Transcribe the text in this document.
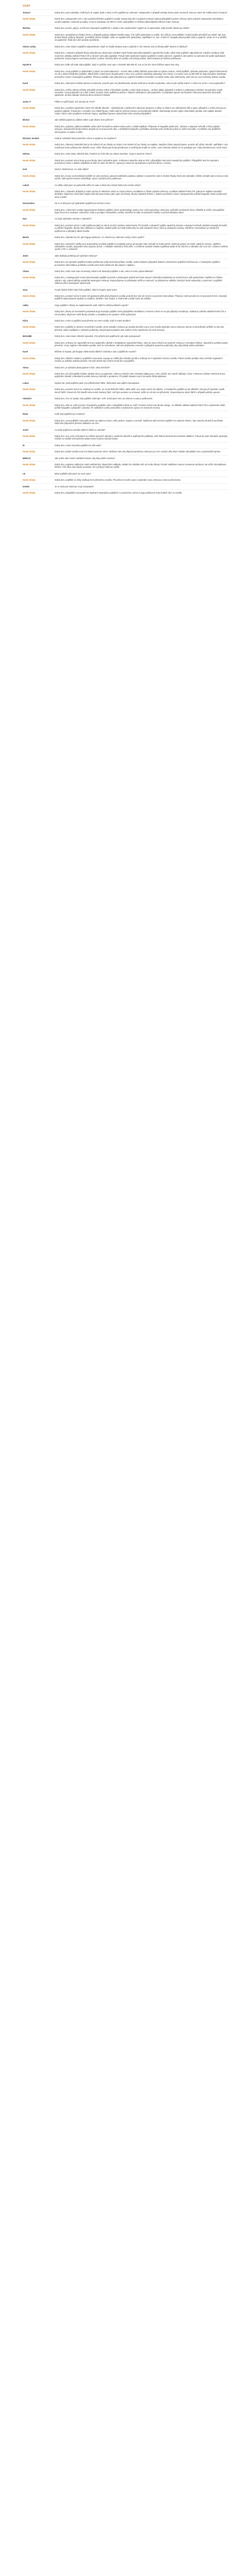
CHAT
Tomas7	Dobrý den, paní ordinátko, chtěl bych se zeptat, jestli v rámci AUTO pojištění je zahrnuté i zastupování v případě nehody, kterou jsem nezavinil, nebo je nutné mít zvlášť právní ochranu?

Hosté ofsáta	Dobrý den, zastupování není u nás součástí běžného pojištění vozidla. Doporučuji vám k pojistné smlouvě sjednat připojištění právní ochrany, které pokrývá zastupování advokátem, soudní poplatky i znalecké posudky. Cena se pohybuje od 290 Kč ročně a připojištění si můžete přidat kdykoliv během trvání smlouvy.

Martina	Dobrý den, prosím, jaký je rozdíl mezi havarijním pojištěním s výluku a bez spoluúčasti? Vyplatí se mi spoluúčast, když jezdím hlavně po městě?

Hosté ofsáta	Dobrý den, spoluúčast je částka, kterou v případě pojistné události hradíte sama. Čím vyšší spoluúčast si zvolíte, tím nižší je cena pojištění. Pokud jezdíte převážně po městě, kde jsou drobné škody (odřený nárazník, promáčklé dveře) častější, může se vyplatit nižší spoluúčast, například 5 %, min. 5 000 Kč. Naopak pokud jezdíte málo a opatrně, zvolte 10 % a ušetříte na pojistném. Rádi vám obě varianty spočítáme.

Simon Lásky	Dobrý den, mám dotaz k pojištění odpovědnosti. Když mi zloděj ukradne auto a způsobí s ním nehodu, kdo za škodu platí? Musím to hlásit já?

Hosté ofsáta	Dobrý den, v takovém případě škodu způsobenou odcizeným vozidlem hradí Česká kancelář pojistitelů z garančního fondu, nikoli vaše pojištění odpovědnosti. Krádež vozidla je však nutné bez odkladu nahlásit Policii ČR a zároveň nám jako pojistiteli. Pokud máte sjednané havarijní pojištění s krytím odcizení, vyplatíme vám plnění za samotný vůz podle sjednaných podmínek. Doporučujeme uschovat protokol z policie, všechny klíče od vozidla a technický průkaz, které budeme při šetření potřebovat.

Hynek R.	Dobrý den, kolik mě bude stát pojištění, když si pořídím nové auto v hodnotě 650 000 Kč a je mi 24 let? Jsem řidičem teprve dva roky.

Hosté ofsáta	Dobrý den, cena pojištění je individuální a závisí na mnoha faktorech – kromě věku a délky řidičské praxe také na výkonu motoru, místě bydliště, způsobu parkování, ujetých kilometrech za rok a historii škodného průběhu. Mladí řidiči s kratší praxí obvykle platí o něco více, protože statisticky způsobují více nehod. U nového vozu za 650 000 Kč doporučujeme kombinaci povinného ručení a havarijního pojištění. Přesnou nabídku vám připravíme po vyplnění krátkého formuláře na našem webu nebo telefonicky, stačí mít po ruce technický průkaz vozidla.

Karel	Dobrý den, ráda bych změnila adresu na smlouvě, protože jsem se přestěhovala. Musím kvůli tomu chodit na pobočku, nebo to jde vyřídit online? A změní se mi tím i cena pojistného?

Hosté ofsáta	Dobrý den, změnu adresy můžete pohodlně provést online v klientském portálu v sekci Moje smlouvy – Změna údajů, případně e-mailem s podepsanou žádostí. Na pobočku chodit nemusíte. Cena pojistného se může změnit, protože místo bydliště je jedním z faktorů ovlivňujících výši pojistného. O případné úpravě vás budeme informovat písemně před další splatností. Změna nabude účinnosti dnem doručení žádosti.

Jarda_P	Přišel mi vyšší lístek, než minulý rok. Proč?

Hosté ofsáta	Dobrý den, navýšení pojistného mohlo mít několik důvodů – nejčastěji jde o každoroční valorizaci spojenou s inflací a růstem cen náhradních dílů a oprav, případně o změnu bonusu po pojistné události. Pokud jste v minulém roce hlásili škodu, mohlo dojít ke snížení bonusu za bezeškodní průběh. Zkontrolujte prosím výpis v klientském portálu, kde najdete detailní rozpis. Rádi s vámi projdeme možnosti úspory, například úpravou spoluúčasti nebo rozsahu připojištění.

Michal	Jak nahlásit pojistnou událost online a jak dlouho trvá vyřízení?

Hosté ofsáta	Dobrý den, pojistnou událost nahlásíte online přes formulář na našem webu nebo v mobilní aplikaci. Připravte si fotografie poškození, záznam o dopravní nehodě a číslo pojistné smlouvy. Jednoduché škody řešíme obvykle do 10 pracovních dnů, u složitějších případů s prohlídkou technika nebo šetřením policie to může trvat déle. O průběhu vás průběžně informujeme e-mailem a SMS.

Richard_Hrubeš	Kolik je minimální limit povinného ručení a vyplatí se mi navýšení?

Hosté ofsáta	Dobrý den, zákonný minimální limit je 35 milionů Kč pro škody na zdraví a 35 milionů Kč pro škody na majetku. Navýšení limitu doporučujeme, protože při vážné nehodě, například s více zraněnými nebo poškozením drahého vozu, může škoda tyto limity přesáhnout a rozdíl byste hradili ze svého. Limit 100/100 milionů Kč se pohybuje jen v řádu desítek korun ročně navíc.

Helena	Dobrý den, mám dotaz ohledně skla. Praskne mi čelní sklo po nárazu kamínku. Kryje to povinné ručení?

Hosté ofsáta	Dobrý den, povinné ručení kryje pouze škody, které způsobíte jiným. Poškození vlastního skla se řeší z připojištění skel nebo havarijního pojištění. Připojištění skel lze sjednat k povinnému ručení s limitem například 10 000 Kč nebo 20 000 Kč, oprava je často bez spoluúčasti a vyřízená přímo v servisu.

Ivoš	Nechci ztratit bonus. Co mám dělat?

Hosté ofsáta	Dobrý den, bonus za bezeškodní průběh se vám zachová, pokud nenahlásíte pojistnou událost z povinného ručení. Drobné škody, které jste způsobili, můžete uhradit sami a bonus si tak udržet. Náš systém bonusů zohledňuje i praxi z předchozích pojišťoven.

Luboš	Co dělat, když jsem na parkovišti odřel cizí auto a nikdo tam nebyl? Mám tam nechat vzkaz?

Hosté ofsáta	Dobrý den, v takovém případě je nutné nechat za stěračem vzkaz se svým jménem, kontaktem a číslem pojistné smlouvy, a událost nahlásit Policii ČR, pokud se majitele nepodaří dohledat. Odjetí bez zanechání údajů může být posuzováno jako ujetí od nehody. Škodu následně řešíme z vašeho povinného ručení. Nezapomeňte pořídit fotografie místa a poškození obou vozidel.

Hronosdom	Na co si dát pozor při sjednávání pojištění pro firemní vozy?

Hosté ofsáta	Dobrý den, u firemních vozidel doporučujeme flotilové pojištění, které zjednodušuje správu více vozů pod jednou smlouvou a přináší množstevní slevy. Důležité je ověřit, zda pojištění kryje řízení více osobami, zahraniční cesty a pronájem náhradního vozidla. Zaměřte se také na asistenční služby a rychlost likvidace škod.

Dan	Co když způsobím nehodu v zahraničí?

Hosté ofsáta	Dobrý den, povinné ručení z naší pojišťovny platí ve všech zemích systému zelené karty. Při nehodě v zahraničí vyplňte společný záznam o dopravní nehodě, ideálně evropský formulář, a pořiďte fotografie. Škodu nám nahlaste co nejdříve, ideálně ještě na místě telefonicky na naší asistenční lince, která je dostupná nonstop. Ošetříme i komunikaci se zahraniční pojišťovnou a případný odtah vozidla.

Martin	Dobrý den, zajímalo by mě, jak funguje asistence. Co všechno je zahrnuto a kdy ji mohu využít?

Hosté ofsáta	Dobrý den, asistenční služby jsou automaticky součástí pojištění a poskytují pomoc při poruše nebo nehodě 24 hodin denně. Zahrnují opravu na místě, odtah do servisu, zajištění náhradního vozidla, ubytování nebo dopravu domů. V základní variantě je limit nižší, v rozšířené variantě získáte například odtah až do 200 km a náhradní vůz na 5 dní. Asistenci můžete využít v ČR i v zahraničí.

Jitule	Jaké doklady potřebuju při sjednání smlouvy?

Hosté ofsáta	Dobrý den, pro sjednání pojištění budete potřebovat velký technický průkaz vozidla, osobní doklad a případně doklad o předchozím pojištění kvůli bonusu. U havarijního pojištění provedeme také krátkou prohlídku vozidla nebo stačí nafotit vůz dle pokynů v aplikaci.

Vlasta	Dobrý den, mám nové auto na leasing. Musím mít havarijní pojištění u vás, nebo si mohu vybrat kdekoliv?

Hosté ofsáta	Dobrý den, u leasingových smluv bývá havarijní pojištění povinné a leasingová společnost často stanoví minimální požadavky na rozsah krytí a výši spoluúčasti. Pojištění si můžete vybrat u nás, pokud splňuje podmínky leasingové smlouvy. Doporučujeme si požadavky ověřit ve smlouvě, my připravíme nabídku, která jim bude odpovídat, a potvrzení o pojištění zašleme přímo leasingové společnosti.

Jana	Po jak dlouhé době mám řešit pojištění, když si koupím ojeté auto?

Hosté ofsáta	Dobrý den, povinné ručení musíte mít sjednané ještě před přepisem vozidla, protože bez něj vůz nesmí na pozemní komunikaci. Přepis je nutné provést do 10 pracovních dnů. Havarijní pojištění doporučujeme sjednat co nejdříve, ideálně v den koupě, a chránit tak vozidlo hned od začátku.

radka	Kryje pojištění i škody na zaparkovaném autě, když ho někdo poškodí a ujede?

Hosté ofsáta	Dobrý den, škody od neznámého pachatele kryje havarijní pojištění nebo připojištění vandalismu. Povinné ručení se na tyto případy nevztahuje. Událost je potřeba nahlásit Policii ČR a mít protokol, abychom mohli škodu uhradit. U vandalismu lze sjednat i nižší spoluúčast.

Klára	Dobrý den, mohu si pojištění auta převést na nové vozidlo, když to staré prodám?

Hosté ofsáta	Dobrý den, pojištění je vázané na konkrétní vozidlo, proto stávající smlouvu po prodeji ukončíte a pro nové vozidlo sjednáte novou smlouvu. Bonus za bezeškodní průběh se vám ale převede, takže nepřijdete o výhodné podmínky. Nevyčerpané pojistné vám vrátíme nebo započteme do nové smlouvy.

Michal88	Dobrý den, mám dotaz ohledně výpovědi. Chci přejít k jiné pojišťovně, jak mám postupovat?

Hosté ofsáta	Dobrý den, smlouvu lze vypovědět ke konci pojistného období s šestitýdenní výpovědní lhůtou, nebo do dvou měsíců od uzavření smlouvy s osmidenní lhůtou. Výpověď je potřeba zaslat písemně. Vzory najdete v klientském portálu. Než se rozhodnete, rádi vám připravíme srovnání a případně upravíme podmínky, aby odpovídaly vašim potřebám.

Karel	Můžete mi napsat, jak funguje elektronická dálniční známka a zda s pojištěním souvisí?

Hosté ofsáta	Dobrý den, dálniční známka s pojištěním nesouvisí. Kupuje se zvlášť přes oficiální portál a vztahuje se k registrační značce vozidla. Pokud vozidlo prodáte nebo změníte registrační značku, je potřeba známku převést. Na naší straně tato změna nemá vliv na pojištění.

Alena	Dobrý den, je výhodné platit pojistné ročně, nebo měsíčně?

Hosté ofsáta	Dobrý den, při roční platbě získáte obvykle slevu na pojistném, zatímco měsíční nebo čtvrtletní platby jsou o něco dražší, ale rozloží náklady v čase. Frekvenci můžete změnit ke konci pojistného období v klientském portálu nebo po dohodě s poradcem. Při platbě inkasem navíc nemusíte hlídat splatnost.

Lukas	Zajímá mě, jestli pojištění platí i pro příležitostné řidiče, třeba když auto půjčím kamarádovi.

Hosté ofsáta	Dobrý den, povinné ručení se vztahuje na vozidlo, ne na konkrétního řidiče, takže platí i pro osobu, které vůz půjčíte. U havarijního pojištění je ale důležité, zda jste při sjednání uvedli okruh řidičů. Pokud vůz řídí mladší nebo méně zkušený řidič, než bylo uvedeno ve smlouvě, může to mít vliv na výši plnění. Doporučujeme okruh řidičů v případě potřeby upravit.

Vlastimil	Dobrý den, chci se zeptat, zda pojištění zahrnuje i zvěř. Srazil jsem srnu na okresce a auto je poškozené.

Hosté ofsáta	Dobrý den, střet se zvěří je krytý z havarijního pojištění nebo z připojištění střetu se zvěří. Povinné ručení tuto škodu nekryje. Je důležité nahlásit událost Policii ČR a myslivecké stráži, pořídit fotografie a případně i protokol. Po nahlášení rychle posoudíme a domluvíme opravu ve smluvním servisu.

Roba	Kolik stojí pojištění pro motorku?

Hosté ofsáta	Dobrý den, cena pojištění motocyklu závisí na objemu motoru, věku jezdce, regionu a sezóně. Nabízíme také sezónní pojištění na vybrané měsíce, kdy motorku skutečně používáte. Rádi vám připravíme přesnou kalkulaci na míru.

Josef	Co když pojišťovna zamítne plnění? Můžu se odvolat?

Hosté ofsáta	Dobrý den, ano, proti rozhodnutí se můžete písemně odvolat s uvedením důvodů a doplňujícími podklady. Vaši žádost přezkoumá nezávislé oddělení. Pokud ani poté nebudete spokojen, můžete se obrátit na finančního arbitra nebo Českou národní banku.

IK	Dobrý den, mohu mít jedno pojištění na dvě auta?

Hosté ofsáta	Dobrý den, každé vozidlo musí mít vlastní povinné ručení. Můžeme vám ale připravit společnou smlouvu pro více vozidel, díky které získáte výhodnější cenu a jednodušší správu.

MMKAS	Jak rychle vám musím nahlásit nehodu, aby bylo plnění uznáno?

Hosté ofsáta	Dobrý den, pojistnou událost je nutné nahlásit bez zbytečného odkladu, ideálně do několika dnů od vzniku škody. Pozdní nahlášení nemusí znamenat zamítnutí, ale může zkomplikovat šetření. Čím dříve nám škodu oznámíte, tím rychleji ji můžeme vyřídit.

LE	Mám pojištění přenosné na nové auto?

Hosté ofsáta	Dobrý den, pojištění se vždy vztahuje ke konkrétnímu vozidlu. Při pořízení nového auta si sjednáte novou smlouvu a bonus přeneseme.

DARIO	Je ve smlouvě zahrnuto i krytí zavazadel?

Hosté ofsáta	Dobrý den, připojištění zavazadel lze sjednat k havarijnímu pojištění i k povinnému ručení a kryje poškození nebo krádež věcí ve vozidle.
